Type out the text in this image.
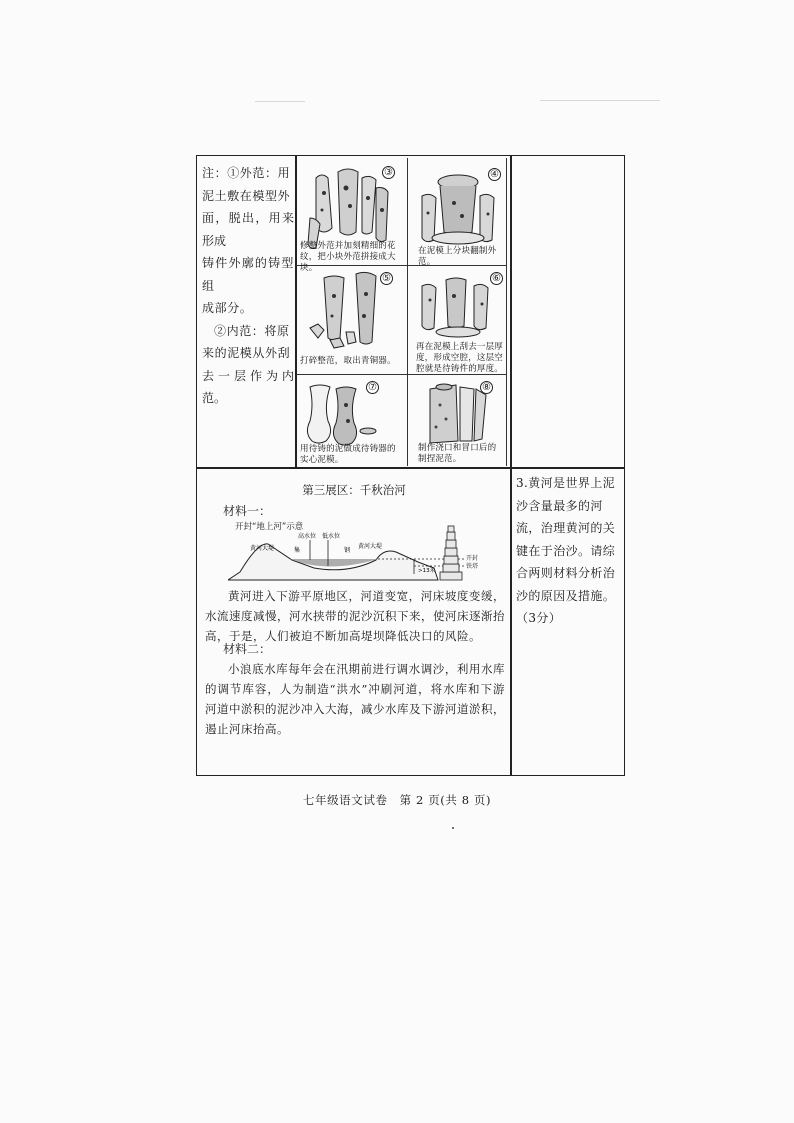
注：①外范：用

泥土敷在模型外

面，脱出，用来形成

铸件外廓的铸型组

成部分。

②内范：将原

来的泥模从外刮

去一层作为内范。

③
修整外范并加刻精细的花纹，把小块外范拼接成大块。
④
在泥模上分块翻制外范。
⑤
打碎整范，取出青铜器。
⑥
再在泥模上刮去一层厚度，形成空腔，这层空腔就是待铸件的厚度。
⑦
用待铸的泥做成待铸器的实心泥模。
⑧
制作浇口和冒口后的制捏泥范。
3.黄河是世界上泥沙含量最多的河流，治理黄河的关键在于治沙。请综合两则材料分析治沙的原因及措施。（3分）
第三展区：千秋治河
材料一：
开封“地上河”示意
黄河大堤
高水位 低水位
集	钢
黄河大堤
>13米
开封铁塔

黄河进入下游平原地区，河道变宽，河床坡度变缓，水流速度减慢，河水挟带的泥沙沉积下来，使河床逐渐抬高，于是，人们被迫不断加高堤坝降低决口的风险。

材料二：

小浪底水库每年会在汛期前进行调水调沙，利用水库的调节库容，人为制造“洪水”冲刷河道，将水库和下游河道中淤积的泥沙冲入大海，减少水库及下游河道淤积，遏止河床抬高。

七年级语文试卷　第 2 页(共 8 页)
